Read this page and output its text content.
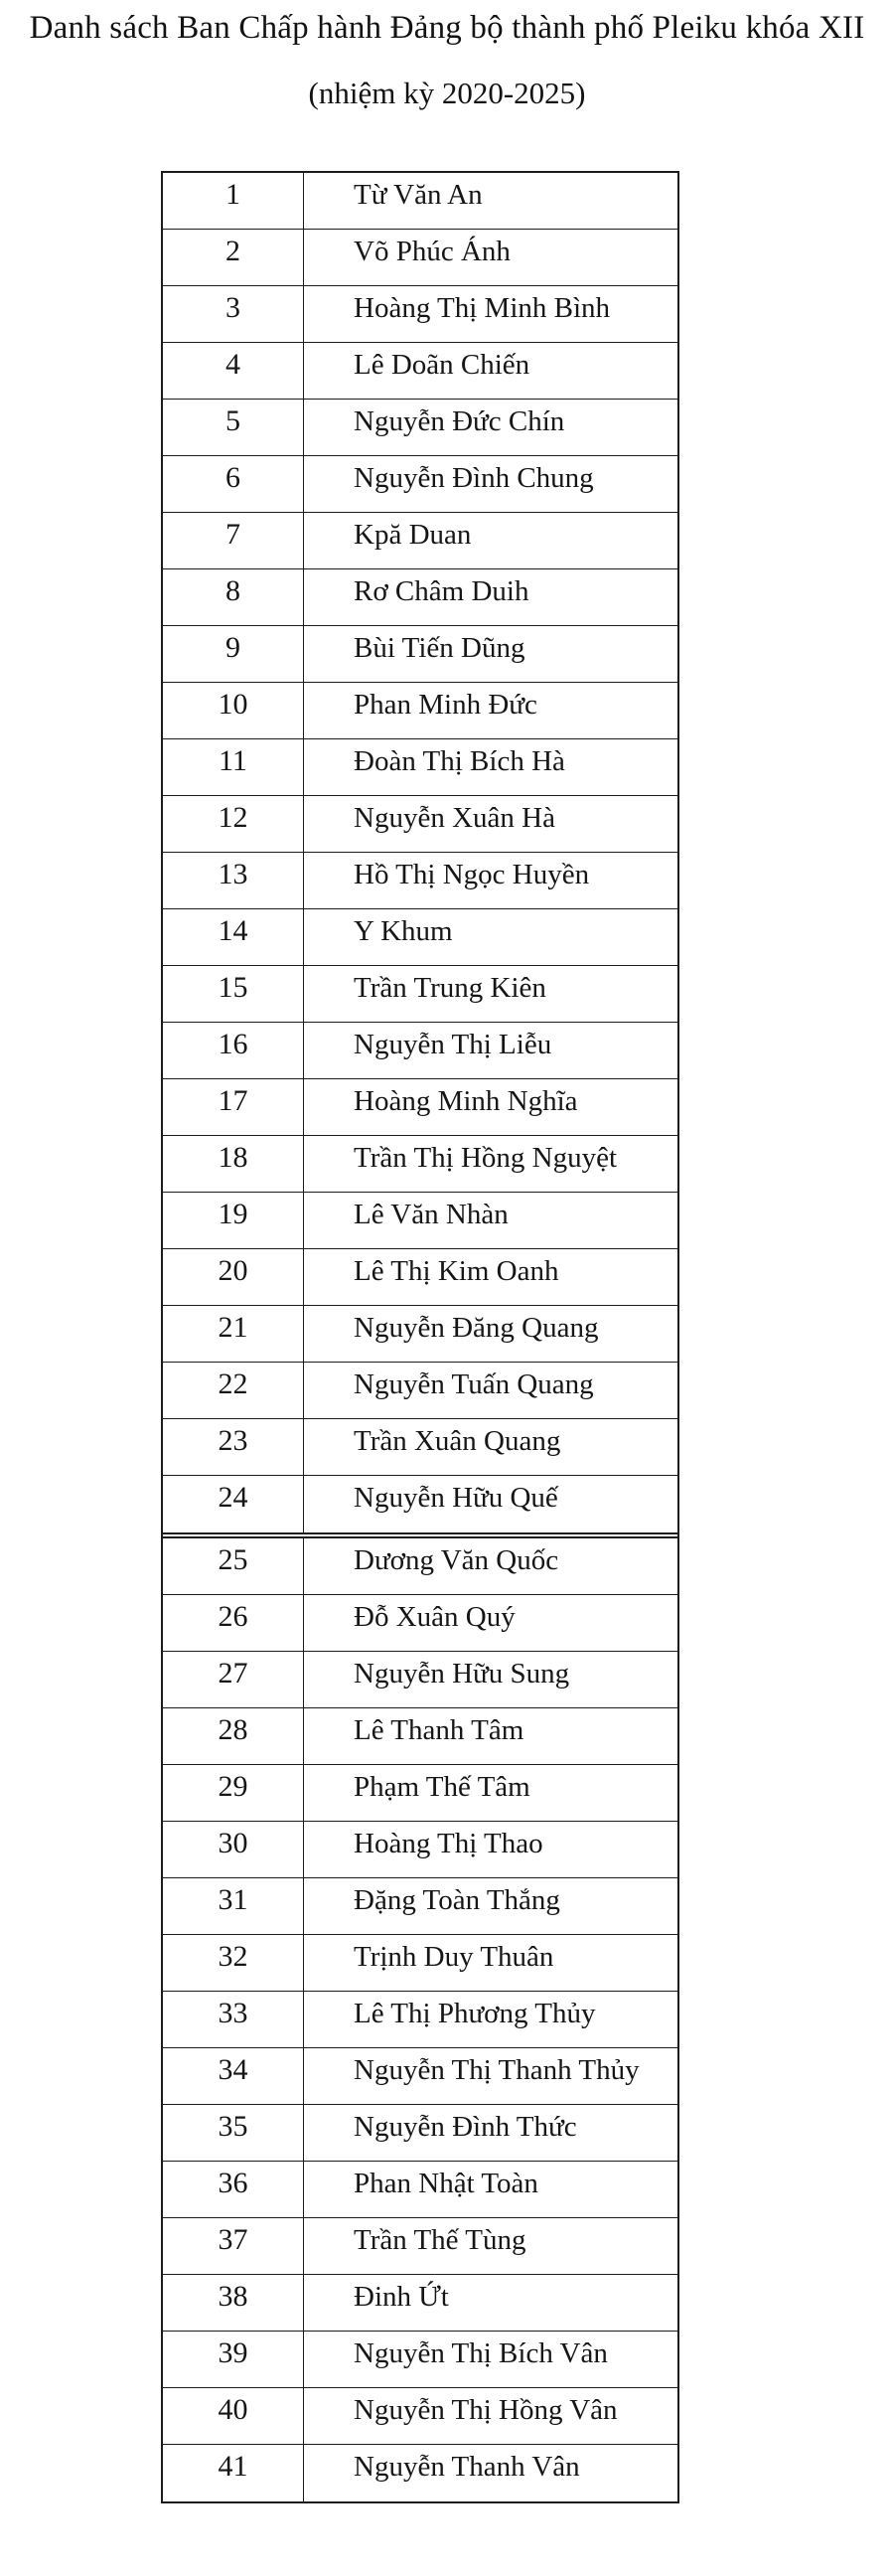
Danh sách Ban Chấp hành Đảng bộ thành phố Pleiku khóa XII
(nhiệm kỳ 2020-2025)
1	Từ Văn An
2	Võ Phúc Ánh
3	Hoàng Thị Minh Bình
4	Lê Doãn Chiến
5	Nguyễn Đức Chín
6	Nguyễn Đình Chung
7	Kpă Duan
8	Rơ Châm Duih
9	Bùi Tiến Dũng
10	Phan Minh Đức
11	Đoàn Thị Bích Hà
12	Nguyễn Xuân Hà
13	Hồ Thị Ngọc Huyền
14	Y Khum
15	Trần Trung Kiên
16	Nguyễn Thị Liễu
17	Hoàng Minh Nghĩa
18	Trần Thị Hồng Nguyệt
19	Lê Văn Nhàn
20	Lê Thị Kim Oanh
21	Nguyễn Đăng Quang
22	Nguyễn Tuấn Quang
23	Trần Xuân Quang
24	Nguyễn Hữu Quế
25	Dương Văn Quốc
26	Đỗ Xuân Quý
27	Nguyễn Hữu Sung
28	Lê Thanh Tâm
29	Phạm Thế Tâm
30	Hoàng Thị Thao
31	Đặng Toàn Thắng
32	Trịnh Duy Thuân
33	Lê Thị Phương Thủy
34	Nguyễn Thị Thanh Thủy
35	Nguyễn Đình Thức
36	Phan Nhật Toàn
37	Trần Thế Tùng
38	Đinh Ứt
39	Nguyễn Thị Bích Vân
40	Nguyễn Thị Hồng Vân
41	Nguyễn Thanh Vân
